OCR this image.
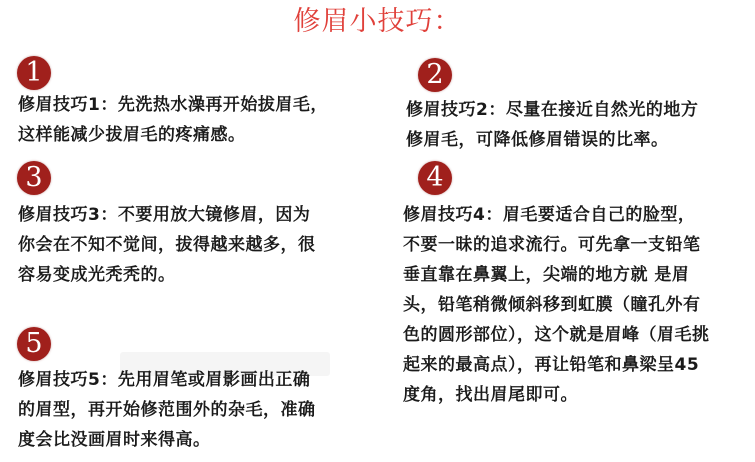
修眉小技巧：
1
修眉技巧1：先洗热水澡再开始拔眉毛，
这样能减少拔眉毛的疼痛感。
2
修眉技巧2：尽量在接近自然光的地方
修眉毛，可降低修眉错误的比率。
3
修眉技巧3：不要用放大镜修眉，因为
你会在不知不觉间，拔得越来越多，很
容易变成光秃秃的。
4
修眉技巧4：眉毛要适合自己的脸型，
不要一昧的追求流行。可先拿一支铅笔
垂直靠在鼻翼上，尖端的地方就 是眉
头，铅笔稍微倾斜移到虹膜（瞳孔外有
色的圆形部位），这个就是眉峰（眉毛挑
起来的最高点），再让铅笔和鼻梁呈45
度角，找出眉尾即可。
5
修眉技巧5：先用眉笔或眉影画出正确
的眉型，再开始修范围外的杂毛，准确
度会比没画眉时来得高。
